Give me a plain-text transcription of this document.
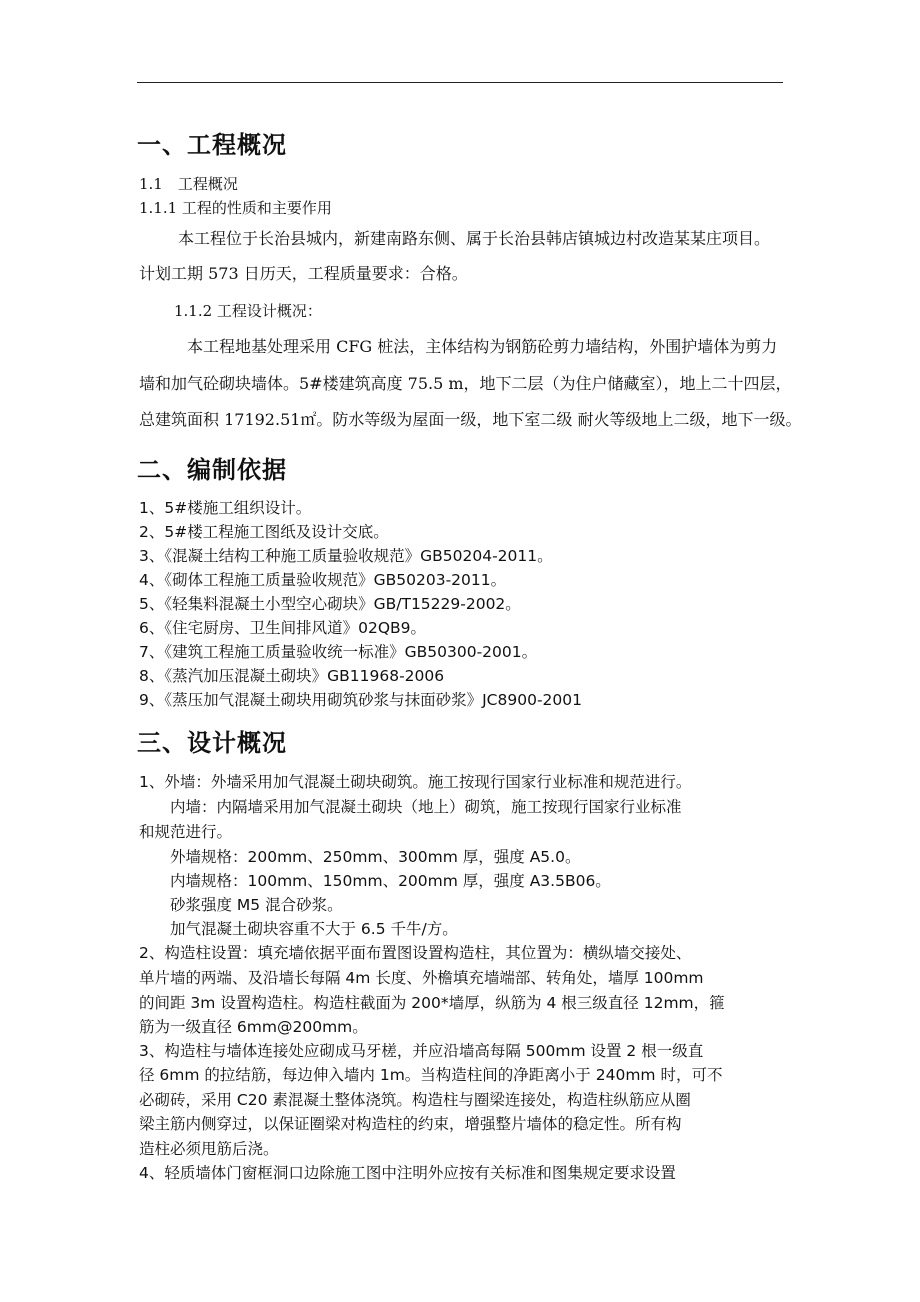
一、工程概况
1.1　工程概况
1.1.1 工程的性质和主要作用
本工程位于长治县城内，新建南路东侧、属于长治县韩店镇城边村改造某某庄项目。
计划工期 573 日历天，工程质量要求：合格。
1.1.2 工程设计概况：
本工程地基处理采用 CFG 桩法，主体结构为钢筋砼剪力墙结构，外围护墙体为剪力
墙和加气砼砌块墙体。5#楼建筑高度 75.5 m，地下二层（为住户储藏室），地上二十四层，
总建筑面积 17192.51㎡。防水等级为屋面一级，地下室二级 耐火等级地上二级，地下一级。
二、编制依据
1、5#楼施工组织设计。
2、5#楼工程施工图纸及设计交底。
3、《混凝土结构工种施工质量验收规范》GB50204-2011。
4、《砌体工程施工质量验收规范》GB50203-2011。
5、《轻集料混凝土小型空心砌块》GB/T15229-2002。
6、《住宅厨房、卫生间排风道》02QB9。
7、《建筑工程施工质量验收统一标准》GB50300-2001。
8、《蒸汽加压混凝土砌块》GB11968-2006
9、《蒸压加气混凝土砌块用砌筑砂浆与抹面砂浆》JC8900-2001
三、设计概况
1、外墙：外墙采用加气混凝土砌块砌筑。施工按现行国家行业标准和规范进行。
内墙：内隔墙采用加气混凝土砌块（地上）砌筑，施工按现行国家行业标准
和规范进行。
外墙规格：200mm、250mm、300mm 厚，强度 A5.0。
内墙规格：100mm、150mm、200mm 厚，强度 A3.5B06。
砂浆强度 M5 混合砂浆。
加气混凝土砌块容重不大于 6.5 千牛/方。
2、构造柱设置：填充墙依据平面布置图设置构造柱，其位置为：横纵墙交接处、
单片墙的两端、及沿墙长每隔 4m 长度、外檐填充墙端部、转角处，墙厚 100mm
的间距 3m 设置构造柱。构造柱截面为 200*墙厚，纵筋为 4 根三级直径 12mm，箍
筋为一级直径 6mm@200mm。
3、构造柱与墙体连接处应砌成马牙槎，并应沿墙高每隔 500mm 设置 2 根一级直
径 6mm 的拉结筋，每边伸入墙内 1m。当构造柱间的净距离小于 240mm 时，可不
必砌砖，采用 C20 素混凝土整体浇筑。构造柱与圈梁连接处，构造柱纵筋应从圈
梁主筋内侧穿过，以保证圈梁对构造柱的约束，增强整片墙体的稳定性。所有构
造柱必须甩筋后浇。
4、轻质墙体门窗框洞口边除施工图中注明外应按有关标准和图集规定要求设置
